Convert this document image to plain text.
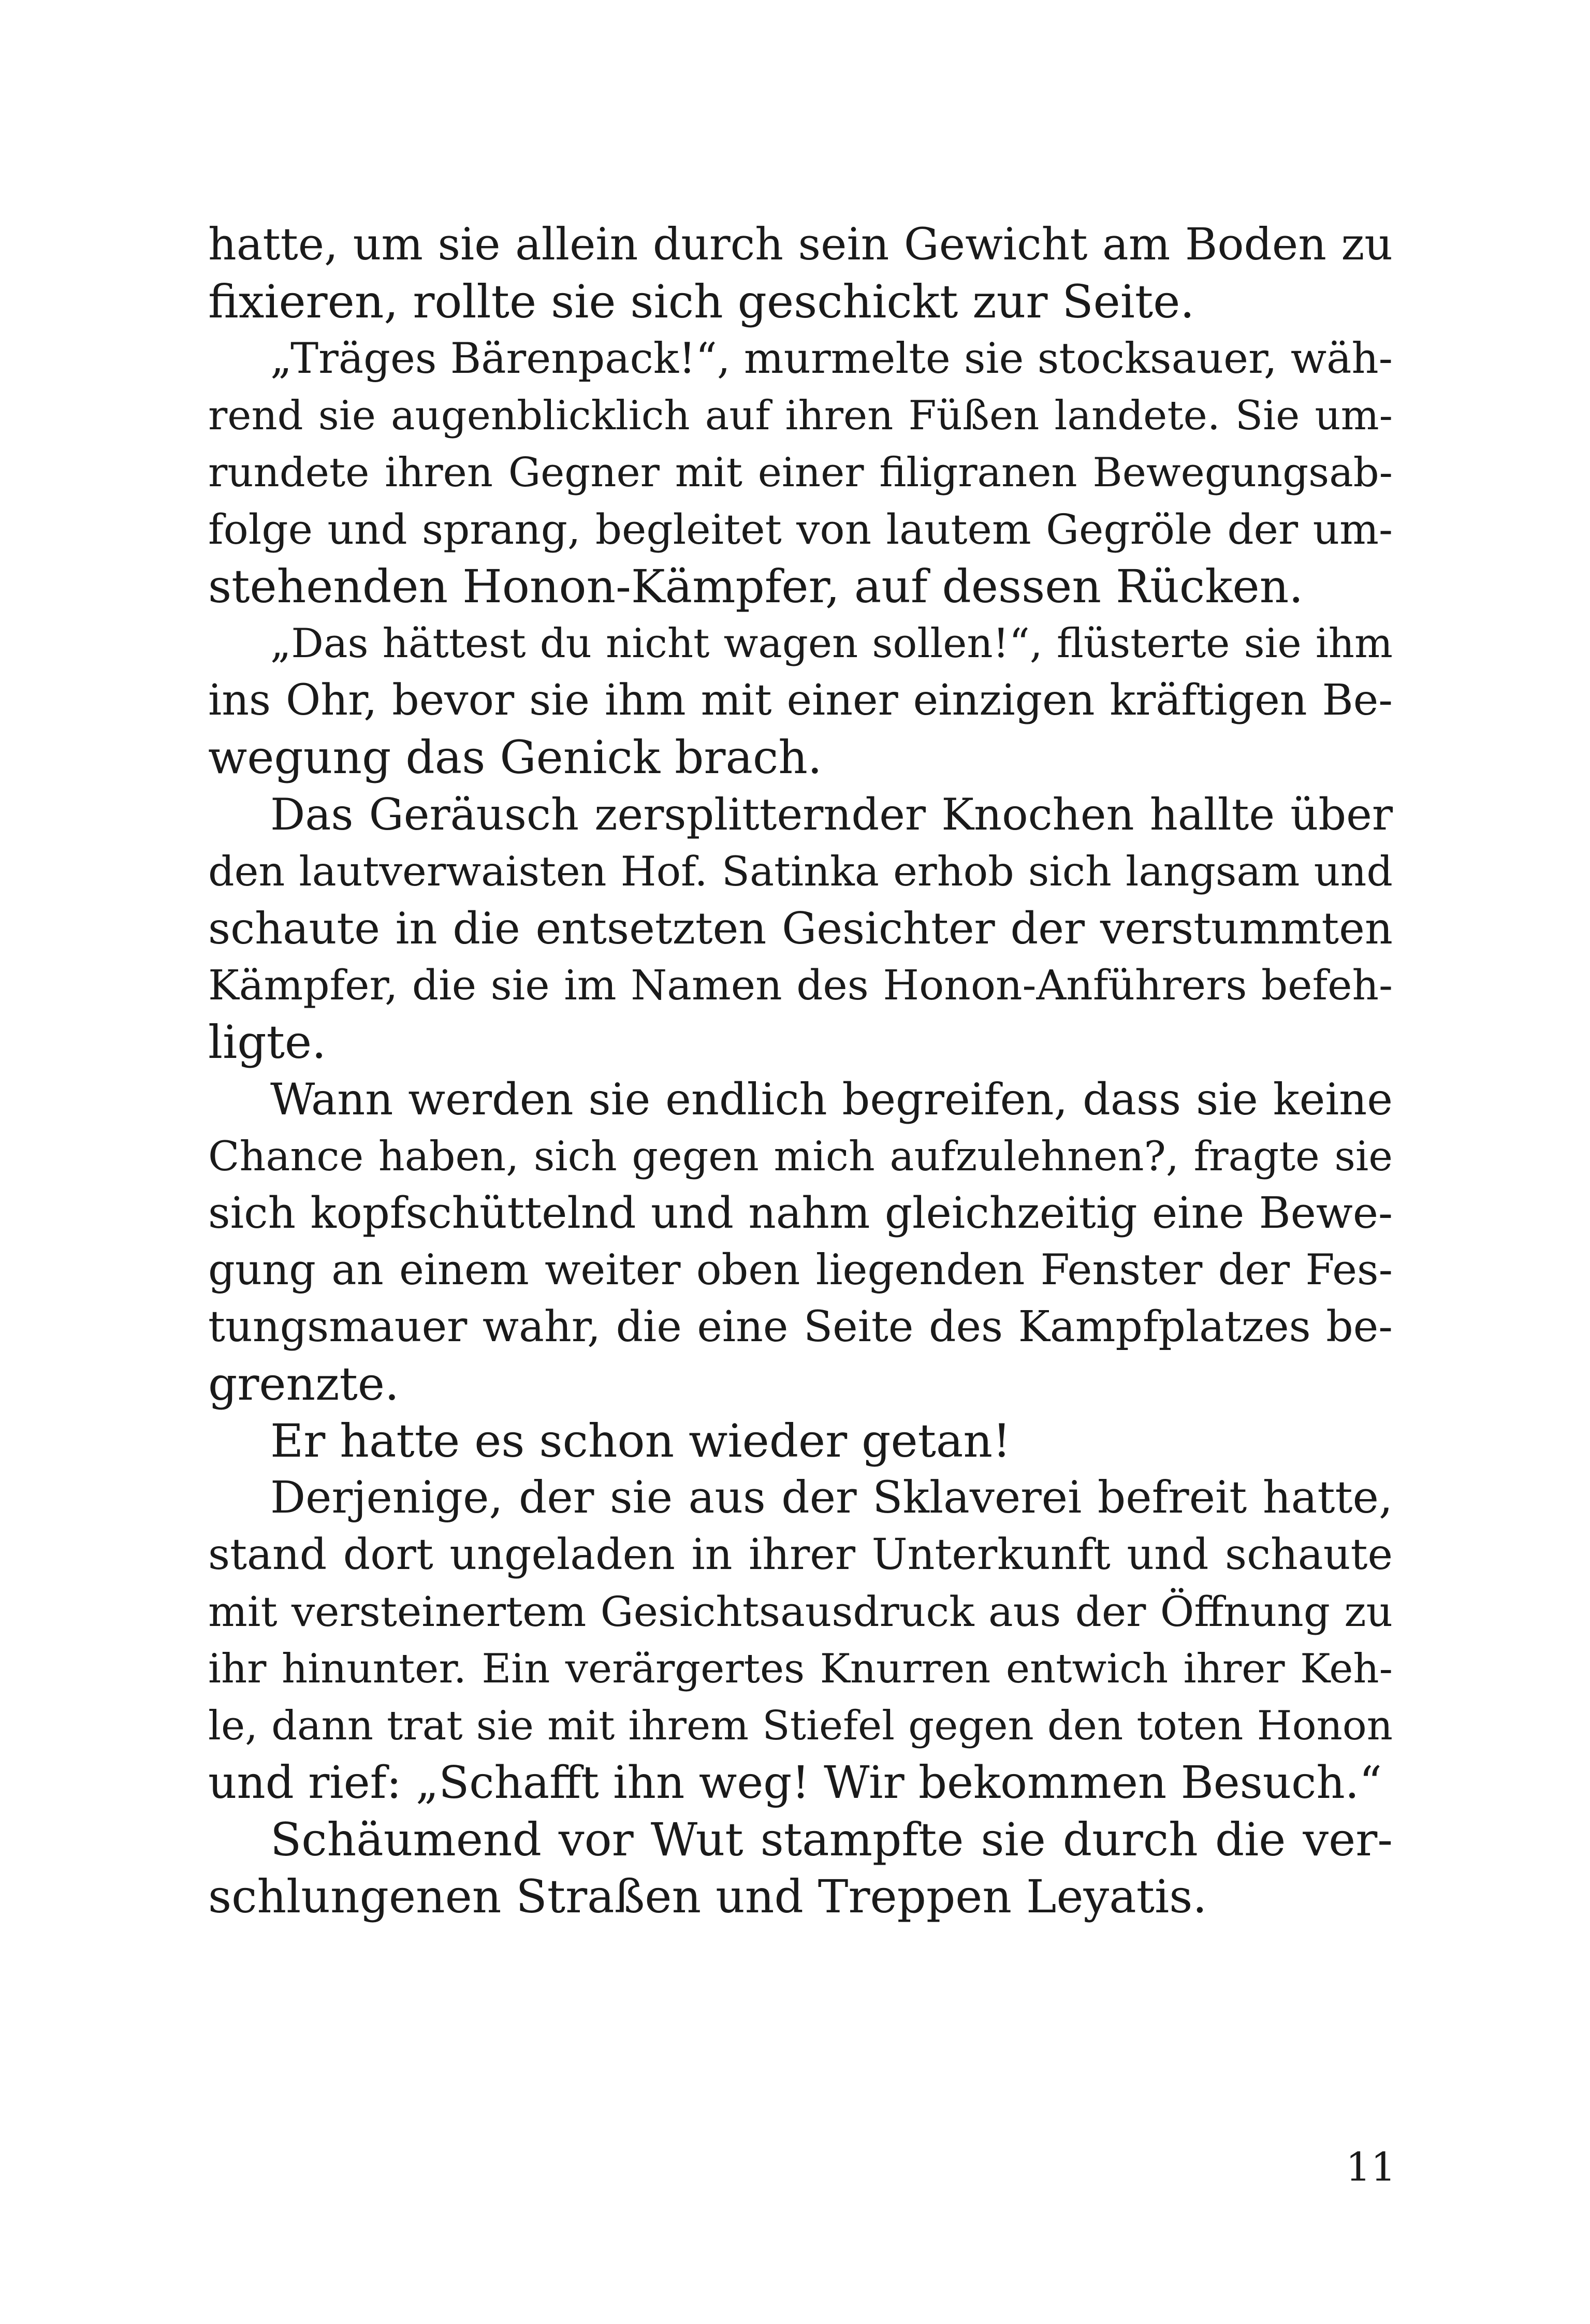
hatte, um sie allein durch sein Gewicht am Boden zu
fixieren, rollte sie sich geschickt zur Seite.
„Träges Bärenpack!“, murmelte sie stocksauer, wäh-
rend sie augenblicklich auf ihren Füßen landete. Sie um-
rundete ihren Gegner mit einer filigranen Bewegungsab-
folge und sprang, begleitet von lautem Gegröle der um-
stehenden Honon-Kämpfer, auf dessen Rücken.
„Das hättest du nicht wagen sollen!“, flüsterte sie ihm
ins Ohr, bevor sie ihm mit einer einzigen kräftigen Be-
wegung das Genick brach.
Das Geräusch zersplitternder Knochen hallte über
den lautverwaisten Hof. Satinka erhob sich langsam und
schaute in die entsetzten Gesichter der verstummten
Kämpfer, die sie im Namen des Honon-Anführers befeh-
ligte.
Wann werden sie endlich begreifen, dass sie keine
Chance haben, sich gegen mich aufzulehnen?, fragte sie
sich kopfschüttelnd und nahm gleichzeitig eine Bewe-
gung an einem weiter oben liegenden Fenster der Fes-
tungsmauer wahr, die eine Seite des Kampfplatzes be-
grenzte.
Er hatte es schon wieder getan!
Derjenige, der sie aus der Sklaverei befreit hatte,
stand dort ungeladen in ihrer Unterkunft und schaute
mit versteinertem Gesichtsausdruck aus der Öffnung zu
ihr hinunter. Ein verärgertes Knurren entwich ihrer Keh-
le, dann trat sie mit ihrem Stiefel gegen den toten Honon
und rief: „Schafft ihn weg! Wir bekommen Besuch.“
Schäumend vor Wut stampfte sie durch die ver-
schlungenen Straßen und Treppen Leyatis.
11
